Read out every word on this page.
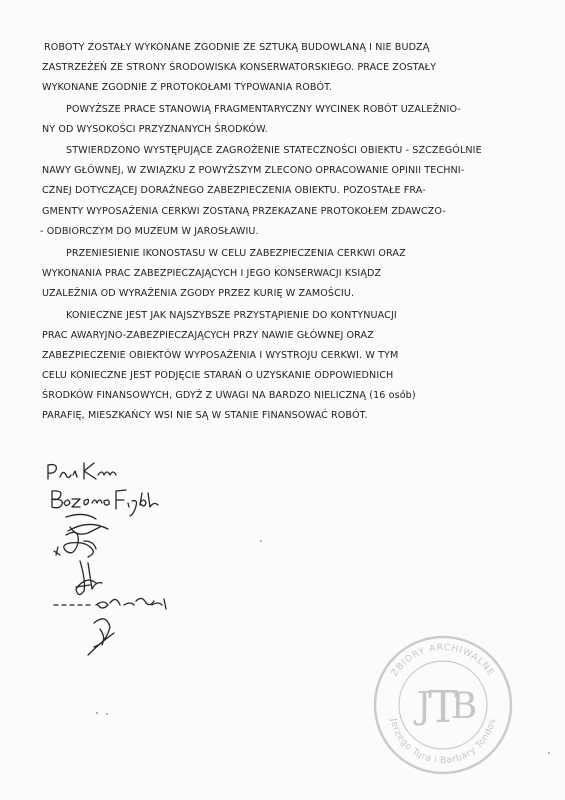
ROBOTY ZOSTAŁY WYKONANE ZGODNIE ZE SZTUKĄ BUDOWLANĄ I NIE BUDZĄ
ZASTRZEŻEŃ ZE STRONY ŚRODOWISKA KONSERWATORSKIEGO. PRACE ZOSTAŁY
WYKONANE ZGODNIE Z PROTOKOŁAMI TYPOWANIA ROBÓT.
POWYŻSZE PRACE STANOWIĄ FRAGMENTARYCZNY WYCINEK ROBÓT UZALEŻNIO-
NY OD WYSOKOŚCI PRZYZNANYCH ŚRODKÓW.
STWIERDZONO WYSTĘPUJĄCE ZAGROŻENIE STATECZNOŚCI OBIEKTU - SZCZEGÓLNIE
NAWY GŁÓWNEJ, W ZWIĄZKU Z POWYŻSZYM ZLECONO OPRACOWANIE OPINII TECHNI-
CZNEJ DOTYCZĄCEJ DORAŹNEGO ZABEZPIECZENIA OBIEKTU. POZOSTAŁE FRA-
GMENTY WYPOSAŻENIA CERKWI ZOSTANĄ PRZEKAZANE PROTOKOŁEM ZDAWCZO-
- ODBIORCZYM DO MUZEUM W JAROSŁAWIU.
PRZENIESIENIE IKONOSTASU W CELU ZABEZPIECZENIA CERKWI ORAZ
WYKONANIA PRAC ZABEZPIECZAJĄCYCH I JEGO KONSERWACJI KSIĄDZ
UZALEŻNIA OD WYRAŻENIA ZGODY PRZEZ KURIĘ W ZAMOŚCIU.
KONIECZNE JEST JAK NAJSZYBSZE PRZYSTĄPIENIE DO KONTYNUACJI
PRAC AWARYJNO-ZABEZPIECZAJĄCYCH PRZY NAWIE GŁÓWNEJ ORAZ
ZABEZPIECZENIE OBIEKTÓW WYPOSAŻENIA I WYSTROJU CERKWI. W TYM
CELU KONIECZNE JEST PODJĘCIE STARAŃ O UZYSKANIE ODPOWIEDNICH
ŚRODKÓW FINANSOWYCH, GDYŻ Z UWAGI NA BARDZO NIELICZNĄ (16 osób)
PARAFIĘ, MIESZKAŃCY WSI NIE SĄ W STANIE FINANSOWAĆ ROBÓT.
ZBIORY ARCHIWALNE
Jerzego Tura i Barbary Tondos
J
T
B
